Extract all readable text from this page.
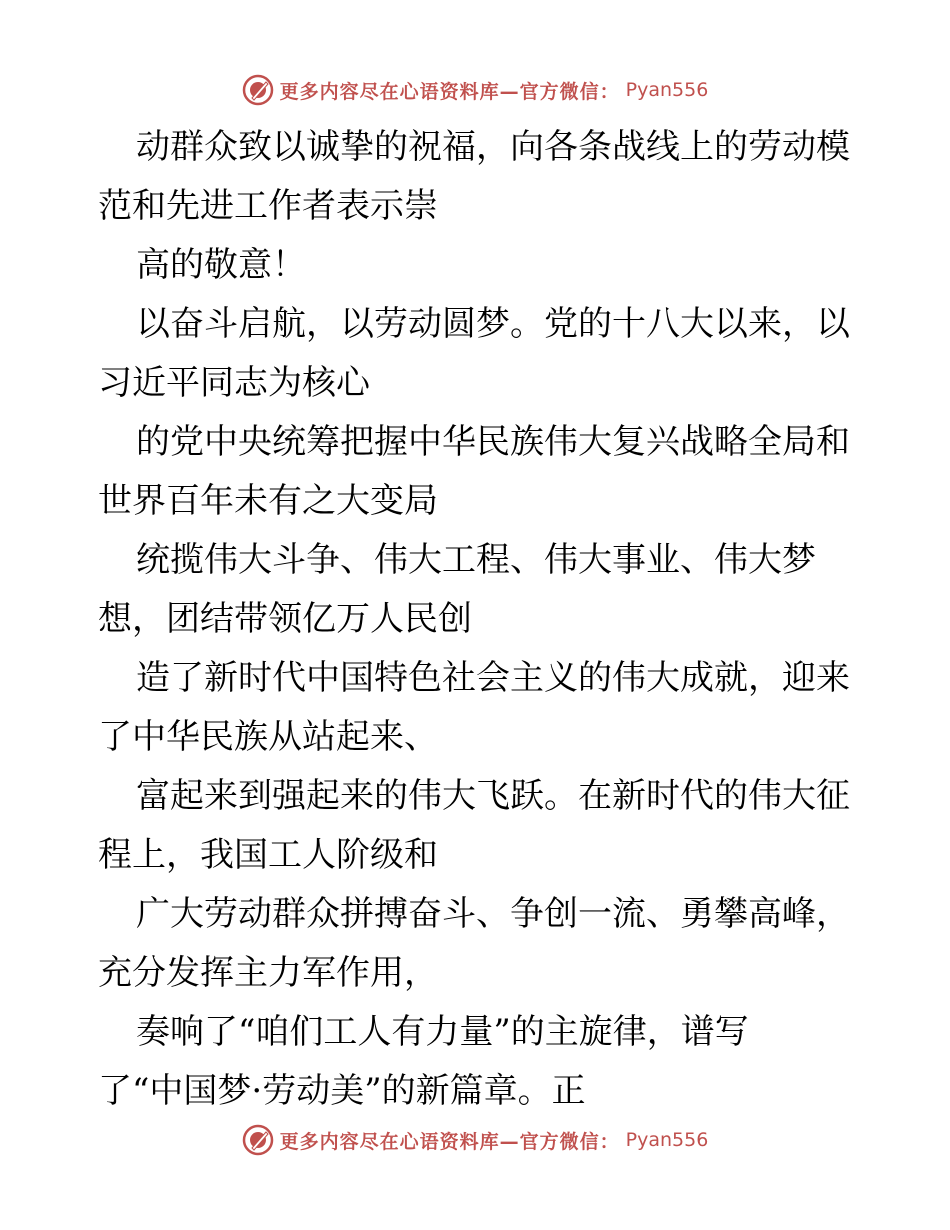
更多内容尽在心语资料库—官方微信： Pyan556

动群众致以诚挚的祝福，向各条战线上的劳动模
范和先进工作者表示崇

高的敬意！

以奋斗启航，以劳动圆梦。党的十八大以来，以
习近平同志为核心

的党中央统筹把握中华民族伟大复兴战略全局和
世界百年未有之大变局

统揽伟大斗争、伟大工程、伟大事业、伟大梦
想，团结带领亿万人民创

造了新时代中国特色社会主义的伟大成就，迎来
了中华民族从站起来、

富起来到强起来的伟大飞跃。在新时代的伟大征
程上，我国工人阶级和

广大劳动群众拼搏奋斗、争创一流、勇攀高峰，
充分发挥主力军作用，

奏响了“咱们工人有力量”的主旋律，谱写
了“中国梦·劳动美”的新篇章。正

更多内容尽在心语资料库—官方微信： Pyan556
